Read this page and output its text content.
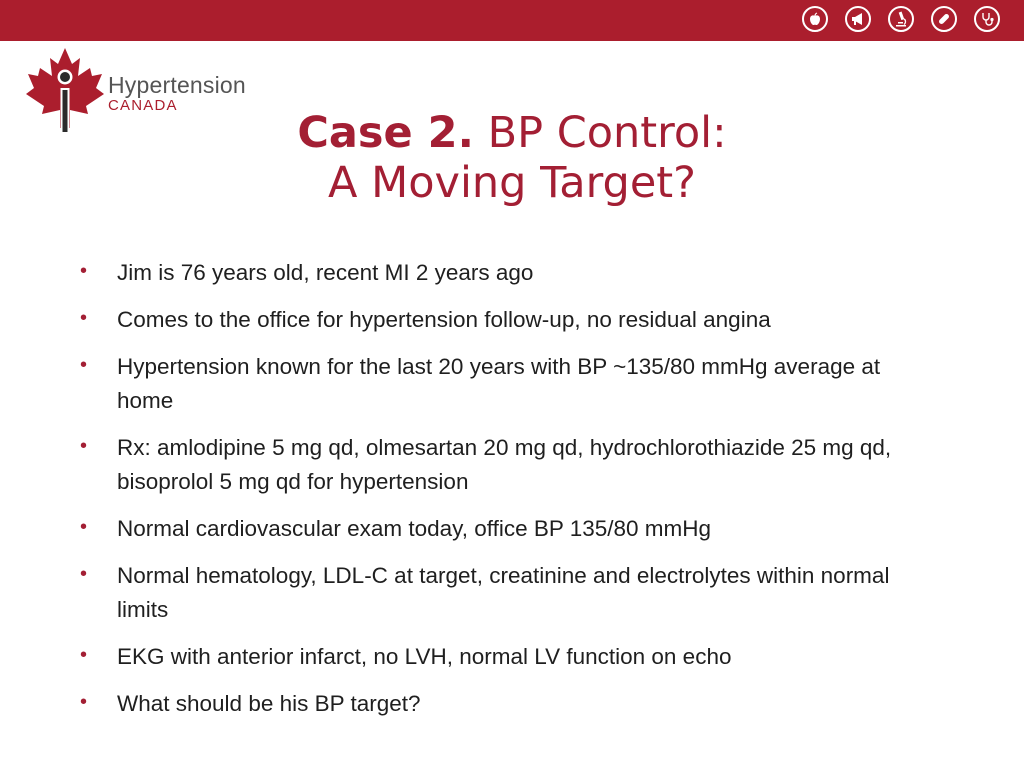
Hypertension
CANADA
Case 2. BP Control:
A Moving Target?
• Jim is 76 years old, recent MI 2 years ago
• Comes to the office for hypertension follow-up, no residual angina
• Hypertension known for the last 20 years with BP ~135/80 mmHg average at home
• Rx: amlodipine 5 mg qd, olmesartan 20 mg qd, hydrochlorothiazide 25 mg qd, bisoprolol 5 mg qd for hypertension
• Normal cardiovascular exam today, office BP 135/80 mmHg
• Normal hematology, LDL-C at target, creatinine and electrolytes within normal limits
• EKG with anterior infarct, no LVH, normal LV function on echo
• What should be his BP target?
